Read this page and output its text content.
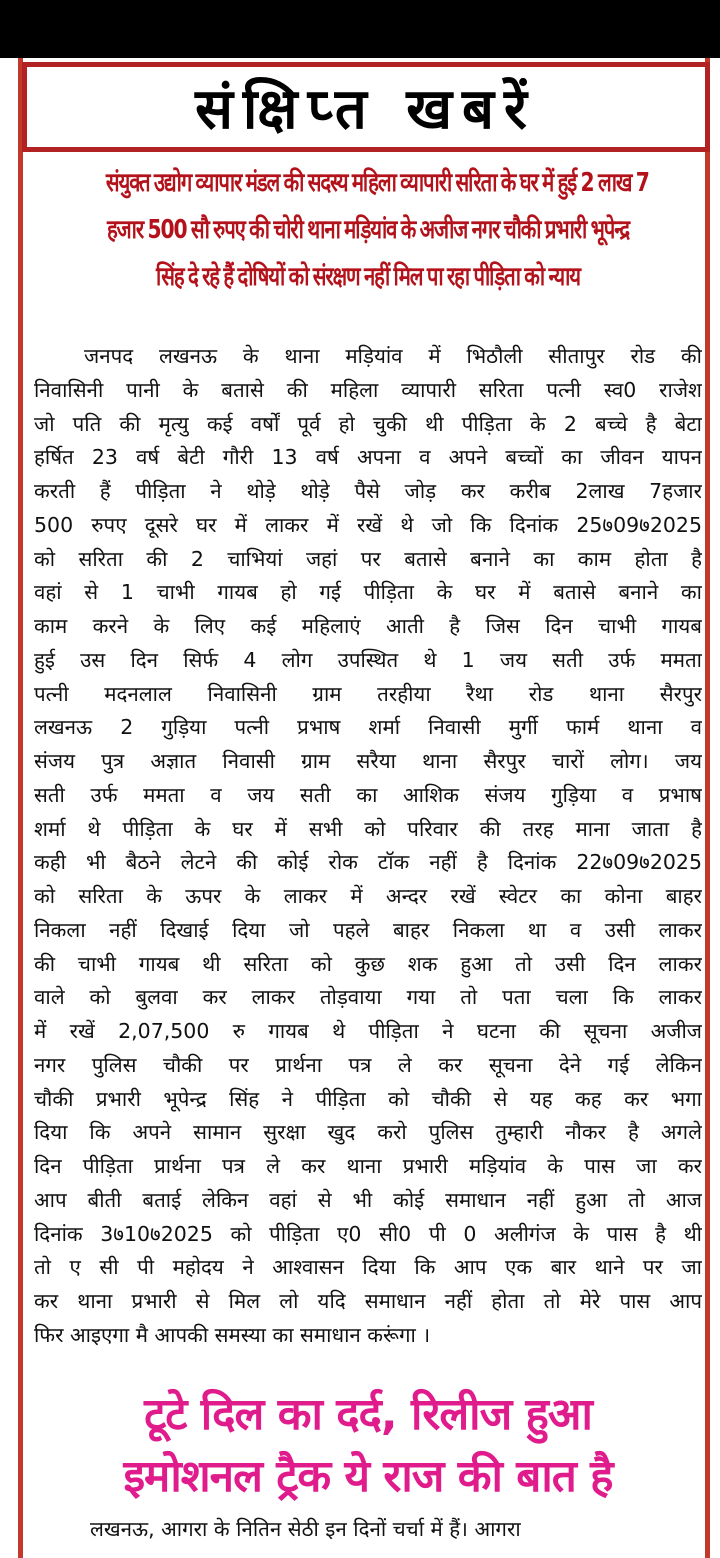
संक्षिप्त खबरें
संयुक्त उद्योग व्यापार मंडल की सदस्य महिला व्यापारी सरिता के घर में हुई 2 लाख 7
हजार 500 सौ रुपए की चोरी थाना मड़ियांव के अजीज नगर चौकी प्रभारी भूपेन्द्र
सिंह दे रहे हैं दोषियों को संरक्षण नहीं मिल पा रहा पीड़िता को न्याय
जनपद लखनऊ के थाना मड़ियांव में भिठौली सीतापुर रोड की
निवासिनी पानी के बतासे की महिला व्यापारी सरिता पत्नी स्व0 राजेश
जो पति की मृत्यु कई वर्षों पूर्व हो चुकी थी पीड़िता के 2 बच्चे है बेटा
हर्षित 23 वर्ष बेटी गौरी 13 वर्ष अपना व अपने बच्चों का जीवन यापन
करती हैं पीड़िता ने थोड़े थोड़े पैसे जोड़ कर करीब 2लाख 7हजार
500 रुपए दूसरे घर में लाकर में रखें थे जो कि दिनांक 25७09७2025
को सरिता की 2 चाभियां जहां पर बतासे बनाने का काम होता है
वहां से 1 चाभी गायब हो गई पीड़िता के घर में बतासे बनाने का
काम करने के लिए कई महिलाएं आती है जिस दिन चाभी गायब
हुई उस दिन सिर्फ 4 लोग उपस्थित थे 1 जय सती उर्फ ममता
पत्नी मदनलाल निवासिनी ग्राम तरहीया रैथा रोड थाना सैरपुर
लखनऊ 2 गुड़िया पत्नी प्रभाष शर्मा निवासी मुर्गी फार्म थाना व
संजय पुत्र अज्ञात निवासी ग्राम सरैया थाना सैरपुर चारों लोग। जय
सती उर्फ ममता व जय सती का आशिक संजय गुड़िया व प्रभाष
शर्मा थे पीड़िता के घर में सभी को परिवार की तरह माना जाता है
कही भी बैठने लेटने की कोई रोक टॉक नहीं है दिनांक 22७09७2025
को सरिता के ऊपर के लाकर में अन्दर रखें स्वेटर का कोना बाहर
निकला नहीं दिखाई दिया जो पहले बाहर निकला था व उसी लाकर
की चाभी गायब थी सरिता को कुछ शक हुआ तो उसी दिन लाकर
वाले को बुलवा कर लाकर तोड़वाया गया तो पता चला कि लाकर
में रखें 2,07,500 रु गायब थे पीड़िता ने घटना की सूचना अजीज
नगर पुलिस चौकी पर प्रार्थना पत्र ले कर सूचना देने गई लेकिन
चौकी प्रभारी भूपेन्द्र सिंह ने पीड़िता को चौकी से यह कह कर भगा
दिया कि अपने सामान सुरक्षा खुद करो पुलिस तुम्हारी नौकर है अगले
दिन पीड़िता प्रार्थना पत्र ले कर थाना प्रभारी मड़ियांव के पास जा कर
आप बीती बताई लेकिन वहां से भी कोई समाधान नहीं हुआ तो आज
दिनांक 3७10७2025 को पीड़िता ए0 सी0 पी 0 अलीगंज के पास है थी
तो ए सी पी महोदय ने आश्वासन दिया कि आप एक बार थाने पर जा
कर थाना प्रभारी से मिल लो यदि समाधान नहीं होता तो मेरे पास आप
फिर आइएगा मै आपकी समस्या का समाधान करूंगा ।
टूटे दिल का दर्द, रिलीज हुआ
इमोशनल ट्रैक ये राज की बात है
लखनऊ, आगरा के नितिन सेठी इन दिनों चर्चा में हैं। आगरा
